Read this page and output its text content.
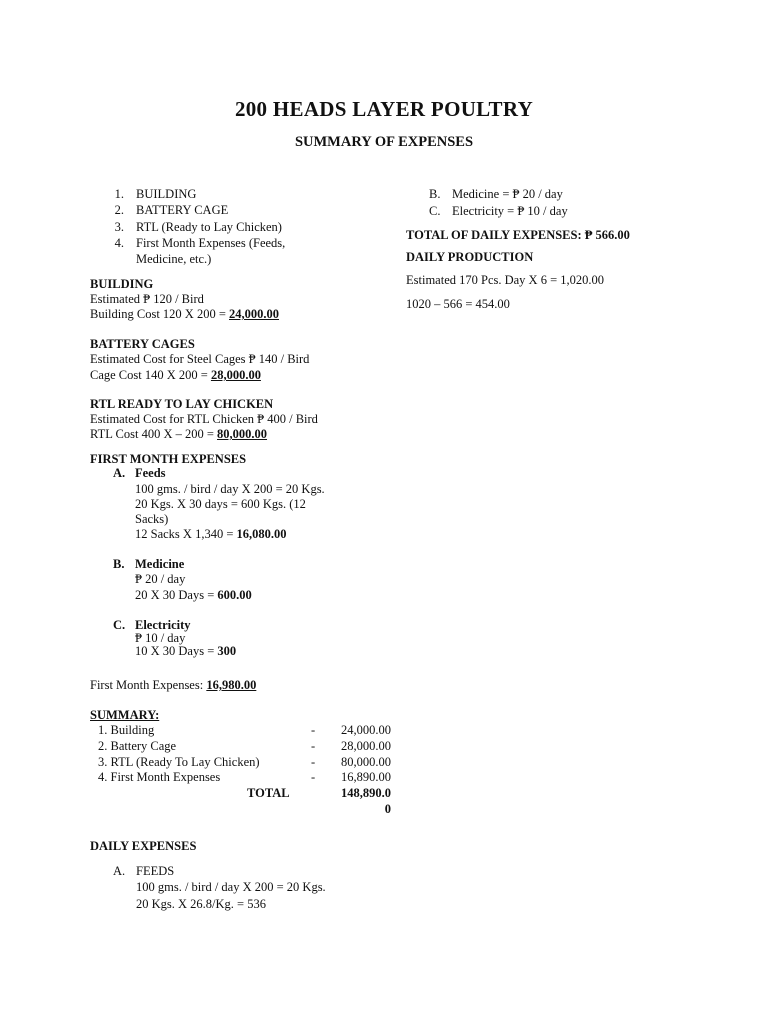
200 HEADS LAYER POULTRY
SUMMARY OF EXPENSES
1. BUILDING
2. BATTERY CAGE
3. RTL (Ready to Lay Chicken)
4. First Month Expenses (Feeds,
Medicine, etc.)
BUILDING
Estimated ₱ 120 / Bird
Building Cost 120 X 200 = 24,000.00
BATTERY CAGES
Estimated Cost for Steel Cages ₱ 140 / Bird
Cage Cost 140 X 200 = 28,000.00
RTL READY TO LAY CHICKEN
Estimated Cost for RTL Chicken ₱ 400 / Bird
RTL Cost 400 X – 200 = 80,000.00
FIRST MONTH EXPENSES
A. Feeds
100 gms. / bird / day X 200 = 20 Kgs.
20 Kgs. X 30 days = 600 Kgs. (12
Sacks)
12 Sacks X 1,340 = 16,080.00
B. Medicine
₱ 20 / day
20 X 30 Days = 600.00
C. Electricity
₱ 10 / day
10 X 30 Days = 300
First Month Expenses: 16,980.00
SUMMARY:
1. Building	-	24,000.00
2. Battery Cage	-	28,000.00
3. RTL (Ready To Lay Chicken)	-	80,000.00
4. First Month Expenses	-	16,890.00
TOTAL	148,890.0
0
DAILY EXPENSES
A. FEEDS
100 gms. / bird / day X 200 = 20 Kgs.
20 Kgs. X 26.8/Kg. = 536
B. Medicine = ₱ 20 / day
C. Electricity = ₱ 10 / day
TOTAL OF DAILY EXPENSES: ₱ 566.00
DAILY PRODUCTION
Estimated 170 Pcs. Day X 6 = 1,020.00
1020 – 566 = 454.00
